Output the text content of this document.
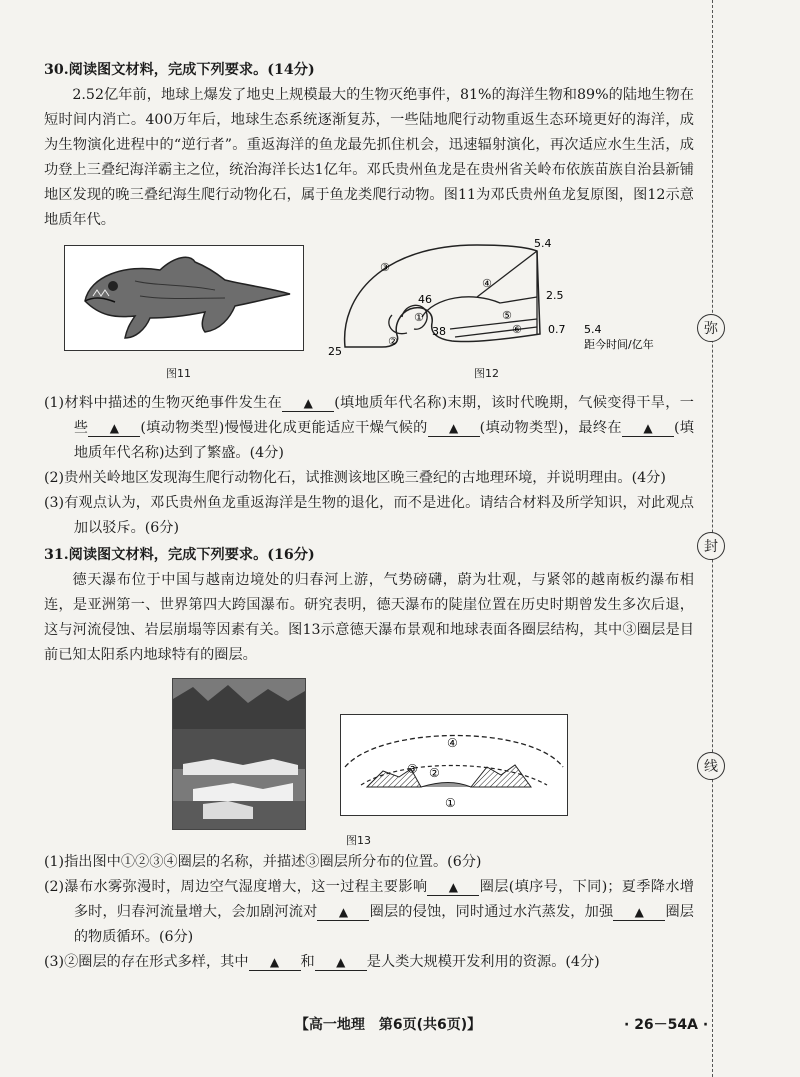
弥
封
线
30.阅读图文材料，完成下列要求。(14分)

2.52亿年前，地球上爆发了地史上规模最大的生物灭绝事件，81%的海洋生物和89%的陆地生物在短时间内消亡。400万年后，地球生态系统逐渐复苏，一些陆地爬行动物重返生态环境更好的海洋，成为生物演化进程中的“逆行者”。重返海洋的鱼龙最先抓住机会，迅速辐射演化，再次适应水生生活，成功登上三叠纪海洋霸主之位，统治海洋长达1亿年。邓氏贵州鱼龙是在贵州省关岭布依族苗族自治县新铺地区发现的晚三叠纪海生爬行动物化石，属于鱼龙类爬行动物。图11为邓氏贵州鱼龙复原图，图12示意地质年代。

图11
③
④
⑤
⑥
①
②
5.4
2.5
0.7
46
38
25
5.4
距今时间/亿年
图12

(1)材料中描述的生物灭绝事件发生在 ▲ (填地质年代名称)末期，该时代晚期，气候变得干旱，一些 ▲ (填动物类型)慢慢进化成更能适应干燥气候的 ▲ (填动物类型)，最终在 ▲ (填地质年代名称)达到了繁盛。(4分)

(2)贵州关岭地区发现海生爬行动物化石，试推测该地区晚三叠纪的古地理环境，并说明理由。(4分)

(3)有观点认为，邓氏贵州鱼龙重返海洋是生物的退化，而不是进化。请结合材料及所学知识，对此观点加以驳斥。(6分)

31.阅读图文材料，完成下列要求。(16分)

德天瀑布位于中国与越南边境处的归春河上游，气势磅礴，蔚为壮观，与紧邻的越南板约瀑布相连，是亚洲第一、世界第四大跨国瀑布。研究表明，德天瀑布的陡崖位置在历史时期曾发生多次后退，这与河流侵蚀、岩层崩塌等因素有关。图13示意德天瀑布景观和地球表面各圈层结构，其中③圈层是目前已知太阳系内地球特有的圈层。

①
②
③
④
图13

(1)指出图中①②③④圈层的名称，并描述③圈层所分布的位置。(6分)

(2)瀑布水雾弥漫时，周边空气湿度增大，这一过程主要影响 ▲ 圈层(填序号，下同)；夏季降水增多时，归春河流量增大，会加剧河流对 ▲ 圈层的侵蚀，同时通过水汽蒸发，加强 ▲ 圈层的物质循环。(6分)

(3)②圈层的存在形式多样，其中 ▲ 和 ▲ 是人类大规模开发利用的资源。(4分)

【高一地理　第6页(共6页)】	· 26－54A ·
